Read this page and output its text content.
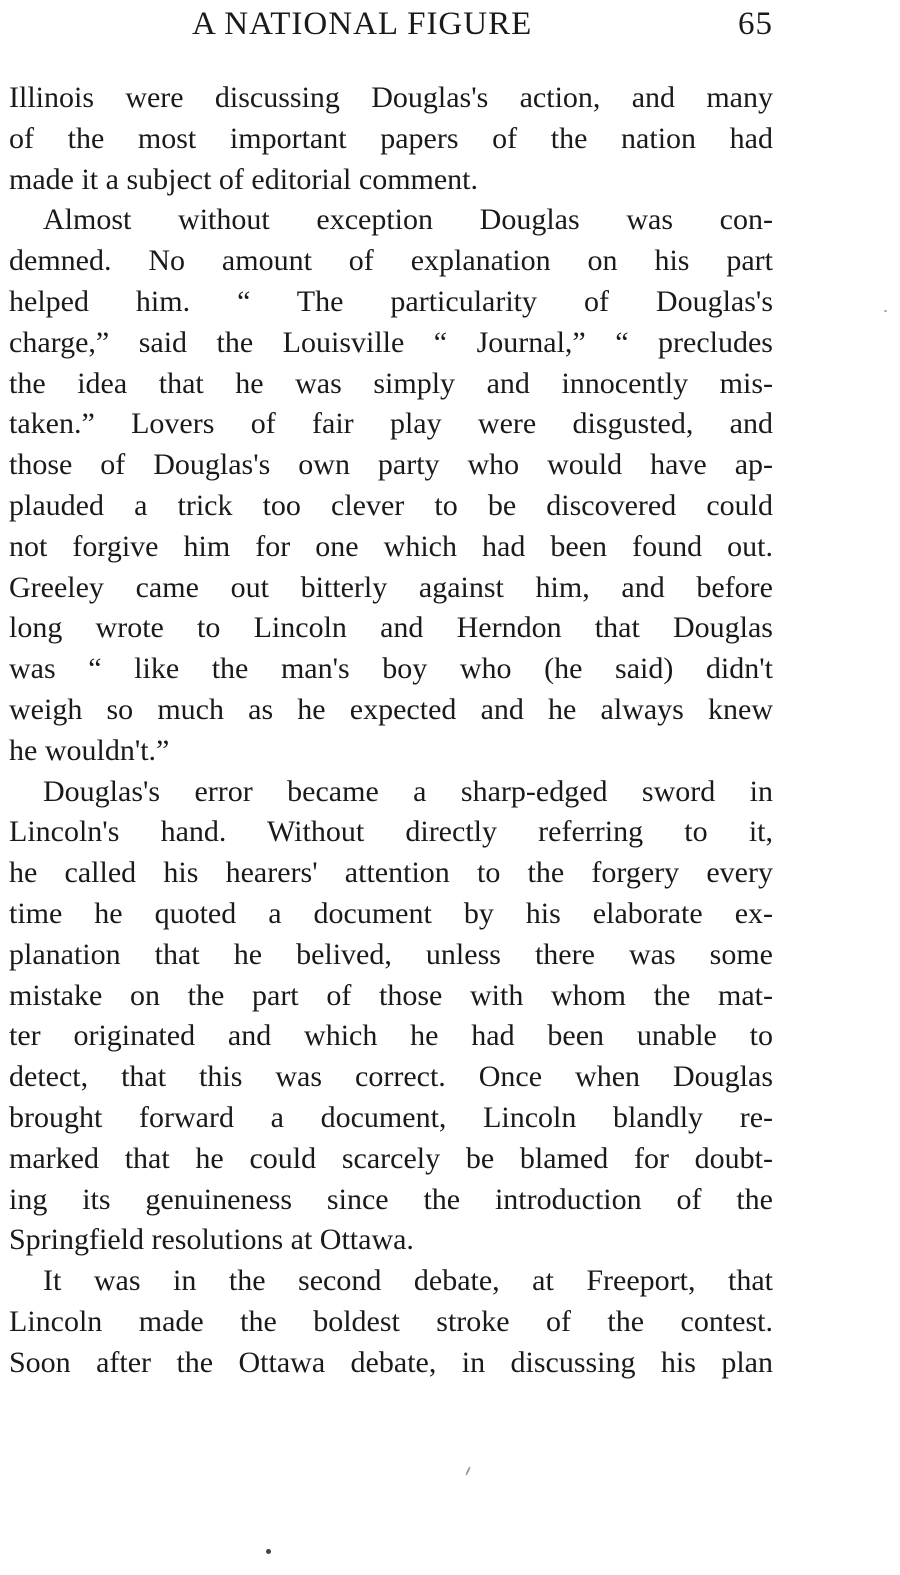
A NATIONAL FIGURE	65
Illinois were discussing Douglas's action, and many
of the most important papers of the nation had
made it a subject of editorial comment.
Almost without exception Douglas was con-
demned. No amount of explanation on his part
helped him. “ The particularity of Douglas's
charge,” said the Louisville “ Journal,” “ precludes
the idea that he was simply and innocently mis-
taken.” Lovers of fair play were disgusted, and
those of Douglas's own party who would have ap-
plauded a trick too clever to be discovered could
not forgive him for one which had been found out.
Greeley came out bitterly against him, and before
long wrote to Lincoln and Herndon that Douglas
was “ like the man's boy who (he said) didn't
weigh so much as he expected and he always knew
he wouldn't.”
Douglas's error became a sharp-edged sword in
Lincoln's hand. Without directly referring to it,
he called his hearers' attention to the forgery every
time he quoted a document by his elaborate ex-
planation that he belived, unless there was some
mistake on the part of those with whom the mat-
ter originated and which he had been unable to
detect, that this was correct. Once when Douglas
brought forward a document, Lincoln blandly re-
marked that he could scarcely be blamed for doubt-
ing its genuineness since the introduction of the
Springfield resolutions at Ottawa.
It was in the second debate, at Freeport, that
Lincoln made the boldest stroke of the contest.
Soon after the Ottawa debate, in discussing his plan
